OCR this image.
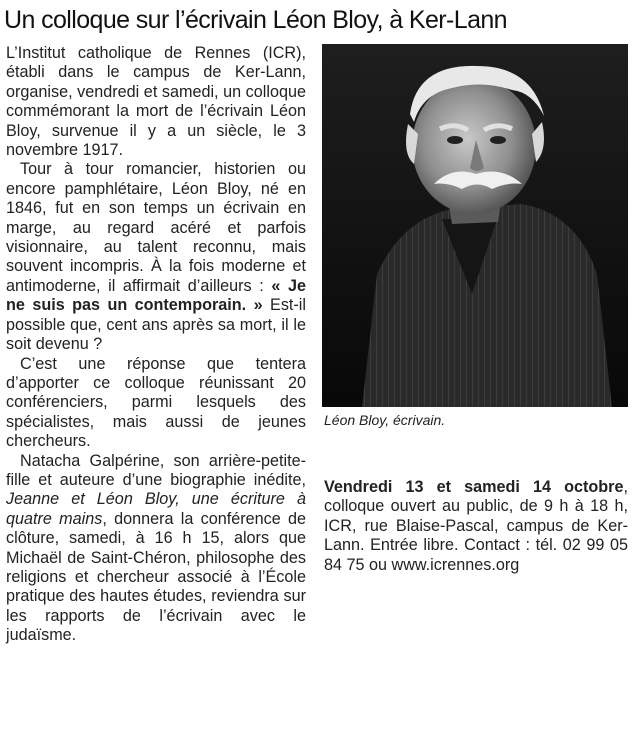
Un colloque sur l’écrivain Léon Bloy, à Ker-Lann

L’Institut catholique de Rennes (ICR), établi dans le campus de Ker-Lann, organise, vendredi et samedi, un colloque commémorant la mort de l’écrivain Léon Bloy, survenue il y a un siècle, le 3 novembre 1917.

Tour à tour romancier, historien ou encore pamphlétaire, Léon Bloy, né en 1846, fut en son temps un écrivain en marge, au regard acéré et parfois visionnaire, au talent reconnu, mais souvent incompris. À la fois moderne et antimoderne, il affirmait d’ailleurs : « Je ne suis pas un contemporain. » Est-il possible que, cent ans après sa mort, il le soit devenu ?

C’est une réponse que tentera d’apporter ce colloque réunissant 20 conférenciers, parmi lesquels des spécialistes, mais aussi de jeunes chercheurs.

Natacha Galpérine, son arrière-petite-fille et auteure d’une biographie inédite, Jeanne et Léon Bloy, une écriture à quatre mains, donnera la conférence de clôture, samedi, à 16 h 15, alors que Michaël de Saint-Chéron, philosophe des religions et chercheur associé à l’École pratique des hautes études, reviendra sur les rapports de l’écrivain avec le judaïsme.

Léon Bloy, écrivain.
Vendredi 13 et samedi 14 octobre, colloque ouvert au public, de 9 h à 18 h, ICR, rue Blaise-Pascal, campus de Ker-Lann. Entrée libre. Contact : tél. 02 99 05 84 75 ou www.icrennes.org
